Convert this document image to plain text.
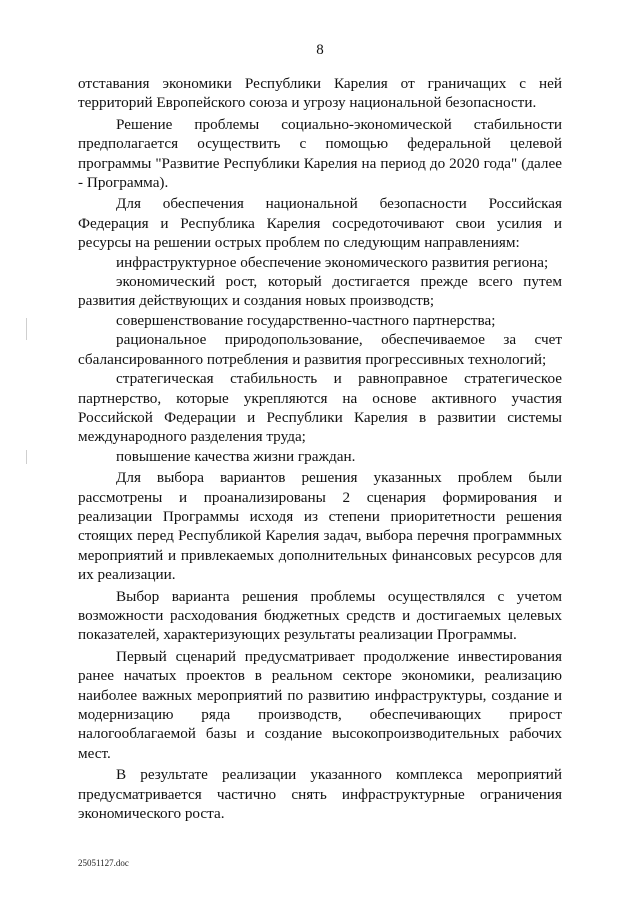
8

отставания экономики Республики Карелия от граничащих с ней территорий Европейского союза и угрозу национальной безопасности.

Решение проблемы социально-экономической стабильности предполагается осуществить с помощью федеральной целевой программы "Развитие Республики Карелия на период до 2020 года" (далее - Программа).

Для обеспечения национальной безопасности Российская Федерация и Республика Карелия сосредоточивают свои усилия и ресурсы на решении острых проблем по следующим направлениям:

инфраструктурное обеспечение экономического развития региона;

экономический рост, который достигается прежде всего путем развития действующих и создания новых производств;

совершенствование государственно-частного партнерства;

рациональное природопользование, обеспечиваемое за счет сбалансированного потребления и развития прогрессивных технологий;

стратегическая стабильность и равноправное стратегическое партнерство, которые укрепляются на основе активного участия Российской Федерации и Республики Карелия в развитии системы международного разделения труда;

повышение качества жизни граждан.

Для выбора вариантов решения указанных проблем были рассмотрены и проанализированы 2 сценария формирования и реализации Программы исходя из степени приоритетности решения стоящих перед Республикой Карелия задач, выбора перечня программных мероприятий и привлекаемых дополнительных финансовых ресурсов для их реализации.

Выбор варианта решения проблемы осуществлялся с учетом возможности расходования бюджетных средств и достигаемых целевых показателей, характеризующих результаты реализации Программы.

Первый сценарий предусматривает продолжение инвестирования ранее начатых проектов в реальном секторе экономики, реализацию наиболее важных мероприятий по развитию инфраструктуры, создание и модернизацию ряда производств, обеспечивающих прирост налогооблагаемой базы и создание высокопроизводительных рабочих мест.

В результате реализации указанного комплекса мероприятий предусматривается частично снять инфраструктурные ограничения экономического роста.

25051127.doc
